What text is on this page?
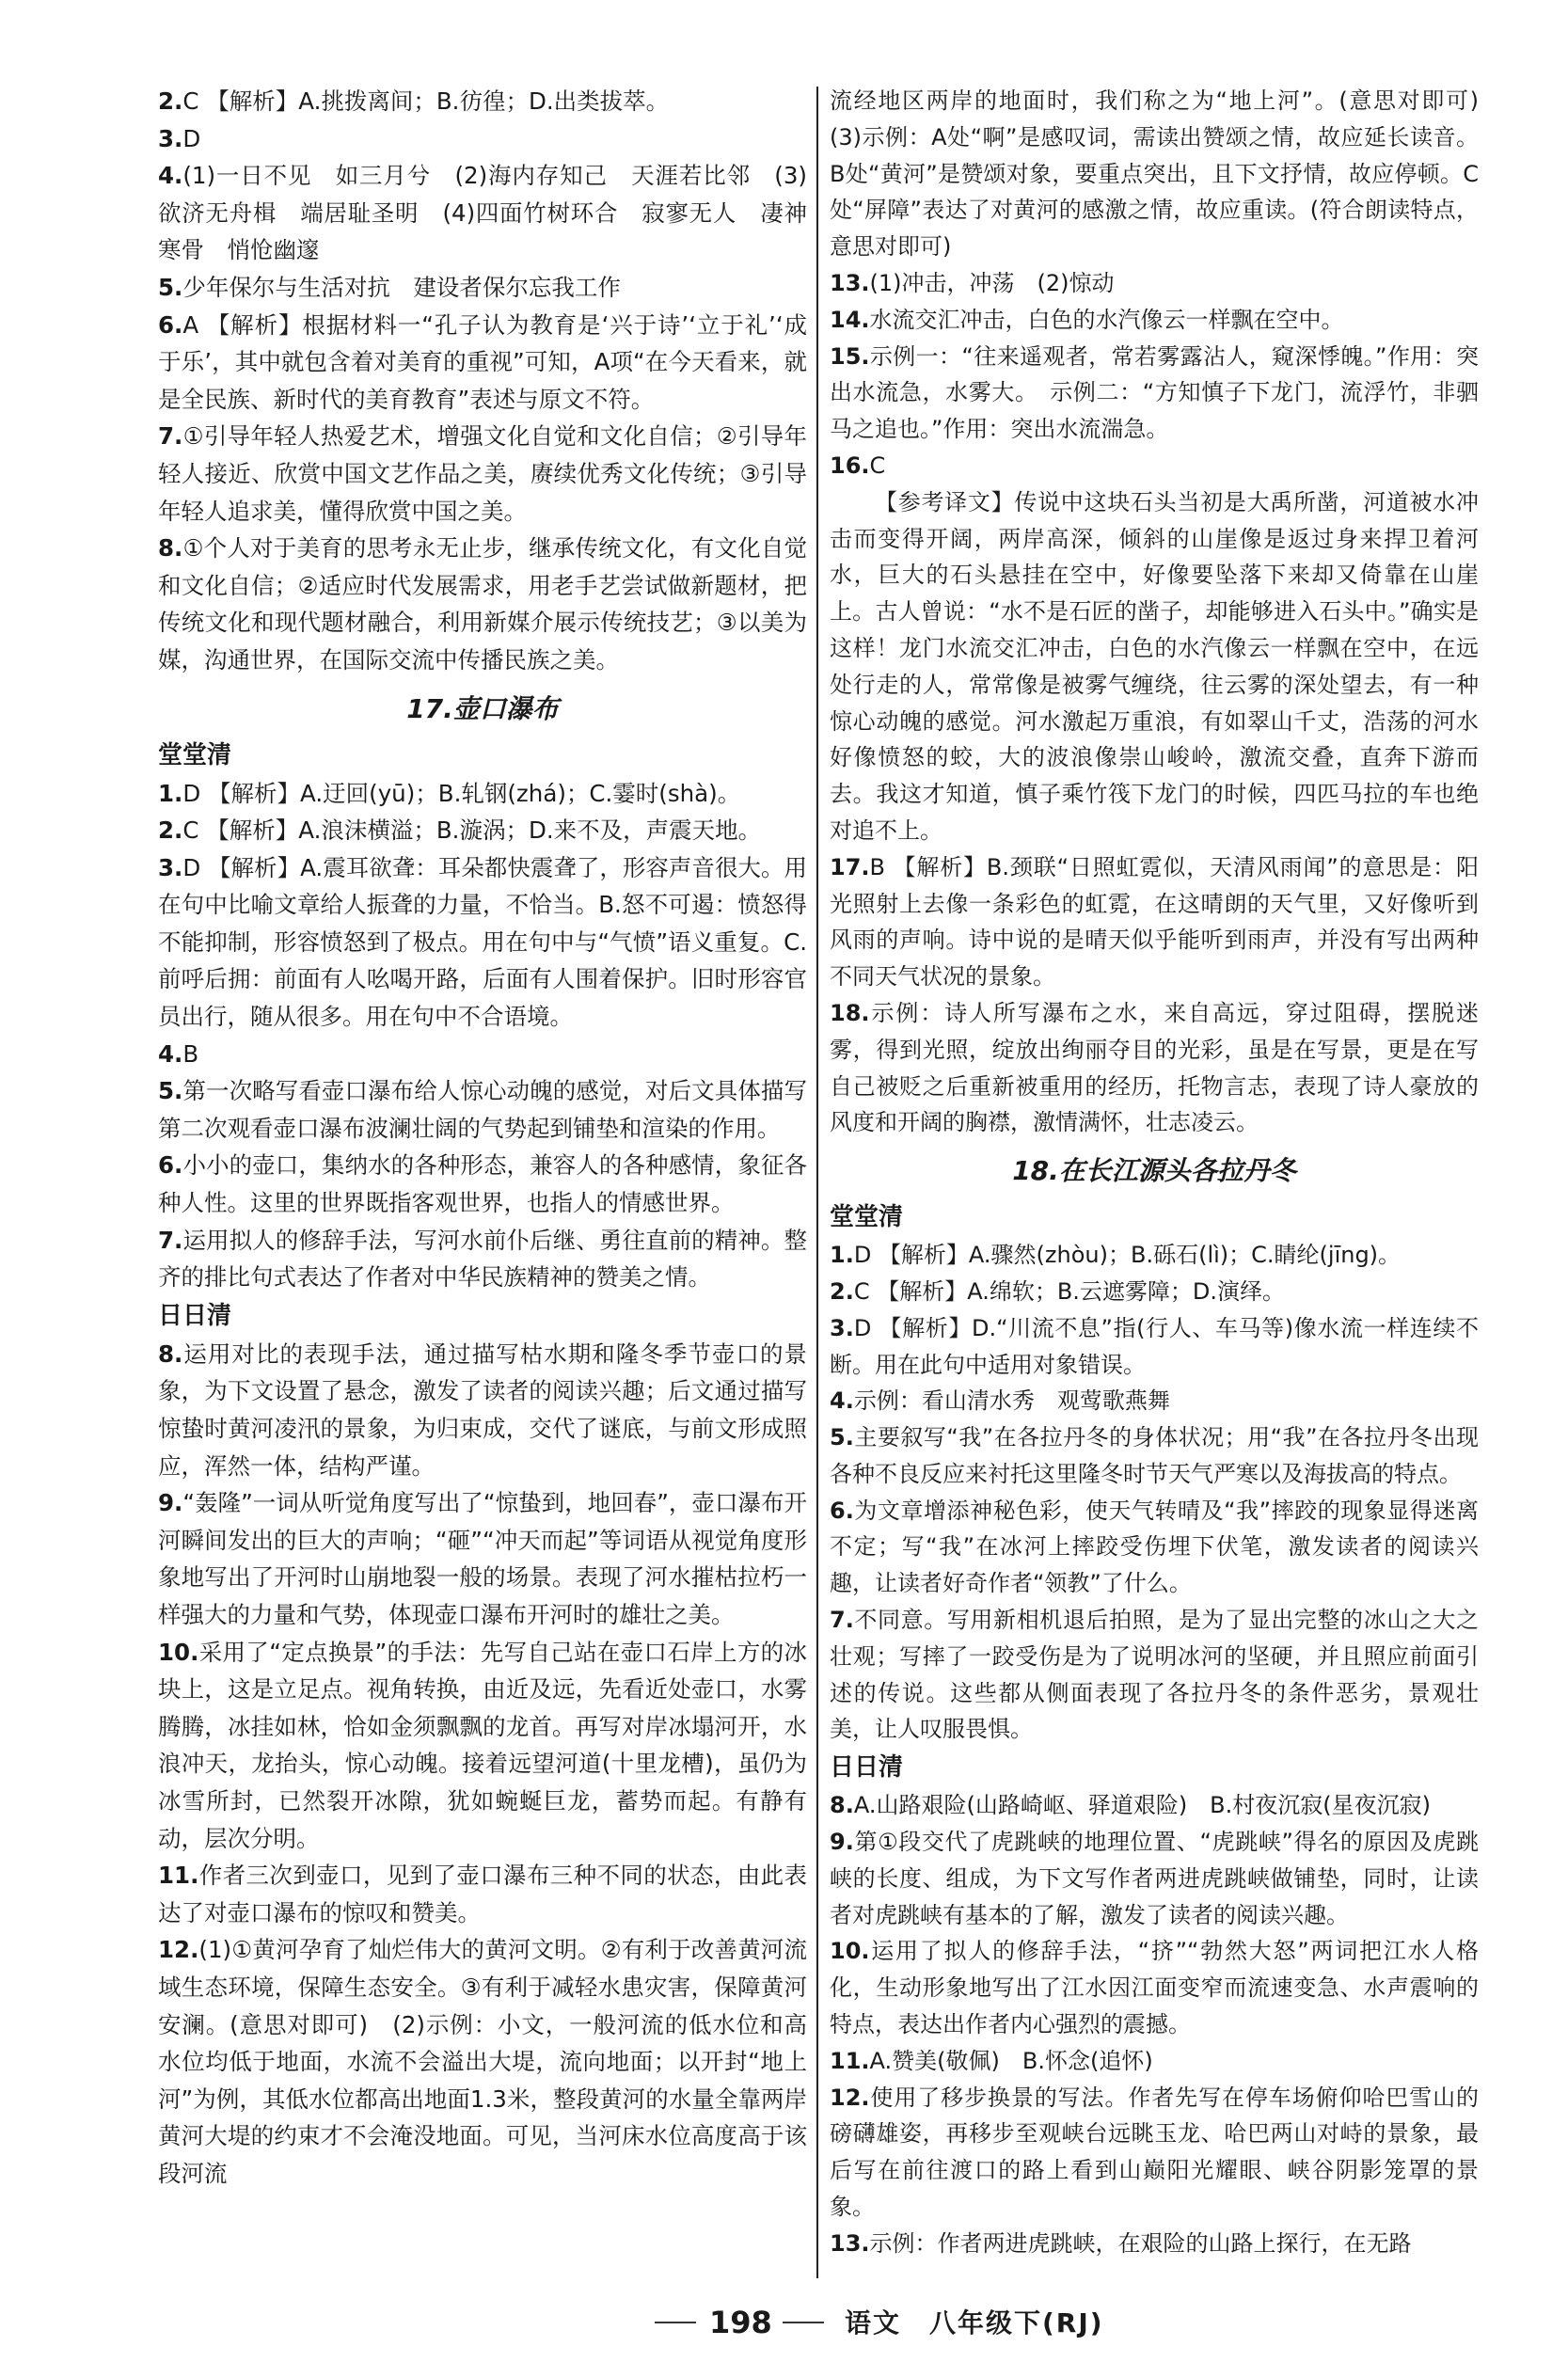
2.C 【解析】A.挑拨离间；B.彷徨；D.出类拔萃。

3.D

4.(1)一日不见　如三月兮　(2)海内存知己　天涯若比邻　(3)欲济无舟楫　端居耻圣明　(4)四面竹树环合　寂寥无人　凄神寒骨　悄怆幽邃

5.少年保尔与生活对抗　建设者保尔忘我工作

6.A 【解析】根据材料一“孔子认为教育是‘兴于诗’‘立于礼’‘成于乐’，其中就包含着对美育的重视”可知，A项“在今天看来，就是全民族、新时代的美育教育”表述与原文不符。

7.①引导年轻人热爱艺术，增强文化自觉和文化自信；②引导年轻人接近、欣赏中国文艺作品之美，赓续优秀文化传统；③引导年轻人追求美，懂得欣赏中国之美。

8.①个人对于美育的思考永无止步，继承传统文化，有文化自觉和文化自信；②适应时代发展需求，用老手艺尝试做新题材，把传统文化和现代题材融合，利用新媒介展示传统技艺；③以美为媒，沟通世界，在国际交流中传播民族之美。

17.壶口瀑布
堂堂清

1.D 【解析】A.迂回(yū)；B.轧钢(zhá)；C.霎时(shà)。

2.C 【解析】A.浪沫横溢；B.漩涡；D.来不及，声震天地。

3.D 【解析】A.震耳欲聋：耳朵都快震聋了，形容声音很大。用在句中比喻文章给人振聋的力量，不恰当。B.怒不可遏：愤怒得不能抑制，形容愤怒到了极点。用在句中与“气愤”语义重复。C.前呼后拥：前面有人吆喝开路，后面有人围着保护。旧时形容官员出行，随从很多。用在句中不合语境。

4.B

5.第一次略写看壶口瀑布给人惊心动魄的感觉，对后文具体描写第二次观看壶口瀑布波澜壮阔的气势起到铺垫和渲染的作用。

6.小小的壶口，集纳水的各种形态，兼容人的各种感情，象征各种人性。这里的世界既指客观世界，也指人的情感世界。

7.运用拟人的修辞手法，写河水前仆后继、勇往直前的精神。整齐的排比句式表达了作者对中华民族精神的赞美之情。

日日清

8.运用对比的表现手法，通过描写枯水期和隆冬季节壶口的景象，为下文设置了悬念，激发了读者的阅读兴趣；后文通过描写惊蛰时黄河凌汛的景象，为归束成，交代了谜底，与前文形成照应，浑然一体，结构严谨。

9.“轰隆”一词从听觉角度写出了“惊蛰到，地回春”，壶口瀑布开河瞬间发出的巨大的声响；“砸”“冲天而起”等词语从视觉角度形象地写出了开河时山崩地裂一般的场景。表现了河水摧枯拉朽一样强大的力量和气势，体现壶口瀑布开河时的雄壮之美。

10.采用了“定点换景”的手法：先写自己站在壶口石岸上方的冰块上，这是立足点。视角转换，由近及远，先看近处壶口，水雾腾腾，冰挂如林，恰如金须飘飘的龙首。再写对岸冰塌河开，水浪冲天，龙抬头，惊心动魄。接着远望河道(十里龙槽)，虽仍为冰雪所封，已然裂开冰隙，犹如蜿蜒巨龙，蓄势而起。有静有动，层次分明。

11.作者三次到壶口，见到了壶口瀑布三种不同的状态，由此表达了对壶口瀑布的惊叹和赞美。

12.(1)①黄河孕育了灿烂伟大的黄河文明。②有利于改善黄河流域生态环境，保障生态安全。③有利于减轻水患灾害，保障黄河安澜。(意思对即可)　(2)示例：小文，一般河流的低水位和高水位均低于地面，水流不会溢出大堤，流向地面；以开封“地上河”为例，其低水位都高出地面1.3米，整段黄河的水量全靠两岸黄河大堤的约束才不会淹没地面。可见，当河床水位高度高于该段河流

流经地区两岸的地面时，我们称之为“地上河”。(意思对即可)　(3)示例：A处“啊”是感叹词，需读出赞颂之情，故应延长读音。B处“黄河”是赞颂对象，要重点突出，且下文抒情，故应停顿。C处“屏障”表达了对黄河的感激之情，故应重读。(符合朗读特点，意思对即可)

13.(1)冲击，冲荡　(2)惊动

14.水流交汇冲击，白色的水汽像云一样飘在空中。

15.示例一：“往来遥观者，常若雾露沾人，窥深悸魄。”作用：突出水流急，水雾大。　示例二：“方知慎子下龙门，流浮竹，非驷马之追也。”作用：突出水流湍急。

16.C

【参考译文】传说中这块石头当初是大禹所凿，河道被水冲击而变得开阔，两岸高深，倾斜的山崖像是返过身来捍卫着河水，巨大的石头悬挂在空中，好像要坠落下来却又倚靠在山崖上。古人曾说：“水不是石匠的凿子，却能够进入石头中。”确实是这样！龙门水流交汇冲击，白色的水汽像云一样飘在空中，在远处行走的人，常常像是被雾气缠绕，往云雾的深处望去，有一种惊心动魄的感觉。河水激起万重浪，有如翠山千丈，浩荡的河水好像愤怒的蛟，大的波浪像崇山峻岭，激流交叠，直奔下游而去。我这才知道，慎子乘竹筏下龙门的时候，四匹马拉的车也绝对追不上。

17.B 【解析】B.颈联“日照虹霓似，天清风雨闻”的意思是：阳光照射上去像一条彩色的虹霓，在这晴朗的天气里，又好像听到风雨的声响。诗中说的是晴天似乎能听到雨声，并没有写出两种不同天气状况的景象。

18.示例：诗人所写瀑布之水，来自高远，穿过阻碍，摆脱迷雾，得到光照，绽放出绚丽夺目的光彩，虽是在写景，更是在写自己被贬之后重新被重用的经历，托物言志，表现了诗人豪放的风度和开阔的胸襟，激情满怀，壮志凌云。

18.在长江源头各拉丹冬
堂堂清

1.D 【解析】A.骤然(zhòu)；B.砾石(lì)；C.睛纶(jīng)。

2.C 【解析】A.绵软；B.云遮雾障；D.演绎。

3.D 【解析】D.“川流不息”指(行人、车马等)像水流一样连续不断。用在此句中适用对象错误。

4.示例：看山清水秀　观莺歌燕舞

5.主要叙写“我”在各拉丹冬的身体状况；用“我”在各拉丹冬出现各种不良反应来衬托这里隆冬时节天气严寒以及海拔高的特点。

6.为文章增添神秘色彩，使天气转晴及“我”摔跤的现象显得迷离不定；写“我”在冰河上摔跤受伤埋下伏笔，激发读者的阅读兴趣，让读者好奇作者“领教”了什么。

7.不同意。写用新相机退后拍照，是为了显出完整的冰山之大之壮观；写摔了一跤受伤是为了说明冰河的坚硬，并且照应前面引述的传说。这些都从侧面表现了各拉丹冬的条件恶劣，景观壮美，让人叹服畏惧。

日日清

8.A.山路艰险(山路崎岖、驿道艰险)　B.村夜沉寂(星夜沉寂)

9.第①段交代了虎跳峡的地理位置、“虎跳峡”得名的原因及虎跳峡的长度、组成，为下文写作者两进虎跳峡做铺垫，同时，让读者对虎跳峡有基本的了解，激发了读者的阅读兴趣。

10.运用了拟人的修辞手法，“挤”“勃然大怒”两词把江水人格化，生动形象地写出了江水因江面变窄而流速变急、水声震响的特点，表达出作者内心强烈的震撼。

11.A.赞美(敬佩)　B.怀念(追怀)

12.使用了移步换景的写法。作者先写在停车场俯仰哈巴雪山的磅礴雄姿，再移步至观峡台远眺玉龙、哈巴两山对峙的景象，最后写在前往渡口的路上看到山巅阳光耀眼、峡谷阴影笼罩的景象。

13.示例：作者两进虎跳峡，在艰险的山路上探行，在无路

198	语文　八年级下(RJ)
